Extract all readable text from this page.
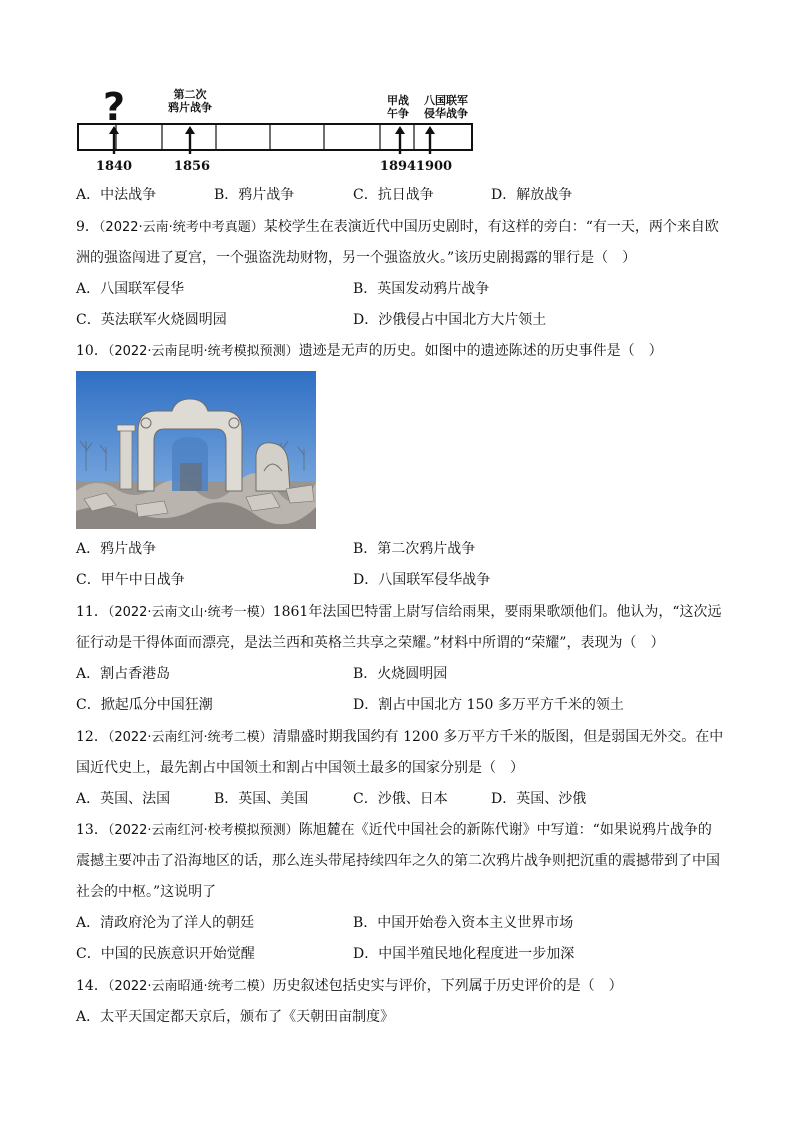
?	第二次
鸦片战争
甲战
午争
八国联军
侵华战争
1840	1856	1894 1900
A．中法战争	B．鸦片战争	C．抗日战争	D．解放战争
9．（2022·云南·统考中考真题）某校学生在表演近代中国历史剧时，有这样的旁白：“有一天，两个来自欧
洲的强盗闯进了夏宫，一个强盗洗劫财物，另一个强盗放火。”该历史剧揭露的罪行是（　）
A．八国联军侵华	B．英国发动鸦片战争
C．英法联军火烧圆明园	D．沙俄侵占中国北方大片领土
10．（2022·云南昆明·统考模拟预测）遗迹是无声的历史。如图中的遗迹陈述的历史事件是（　）
A．鸦片战争	B．第二次鸦片战争
C．甲午中日战争	D．八国联军侵华战争
11．（2022·云南文山·统考一模）1861年法国巴特雷上尉写信给雨果，要雨果歌颂他们。他认为，“这次远
征行动是干得体面而漂亮，是法兰西和英格兰共享之荣耀。”材料中所谓的“荣耀”，表现为（　）
A．割占香港岛	B．火烧圆明园
C．掀起瓜分中国狂潮	D．割占中国北方 150 多万平方千米的领土
12．（2022·云南红河·统考二模）清鼎盛时期我国约有 1200 多万平方千米的版图，但是弱国无外交。在中
国近代史上，最先割占中国领土和割占中国领土最多的国家分别是（　）
A．英国、法国	B．英国、美国	C．沙俄、日本	D．英国、沙俄
13．（2022·云南红河·校考模拟预测）陈旭麓在《近代中国社会的新陈代谢》中写道：“如果说鸦片战争的
震撼主要冲击了沿海地区的话，那么连头带尾持续四年之久的第二次鸦片战争则把沉重的震撼带到了中国
社会的中枢。”这说明了
A．清政府沦为了洋人的朝廷	B．中国开始卷入资本主义世界市场
C．中国的民族意识开始觉醒	D．中国半殖民地化程度进一步加深
14．（2022·云南昭通·统考二模）历史叙述包括史实与评价，下列属于历史评价的是（　）
A．太平天国定都天京后，颁布了《天朝田亩制度》
